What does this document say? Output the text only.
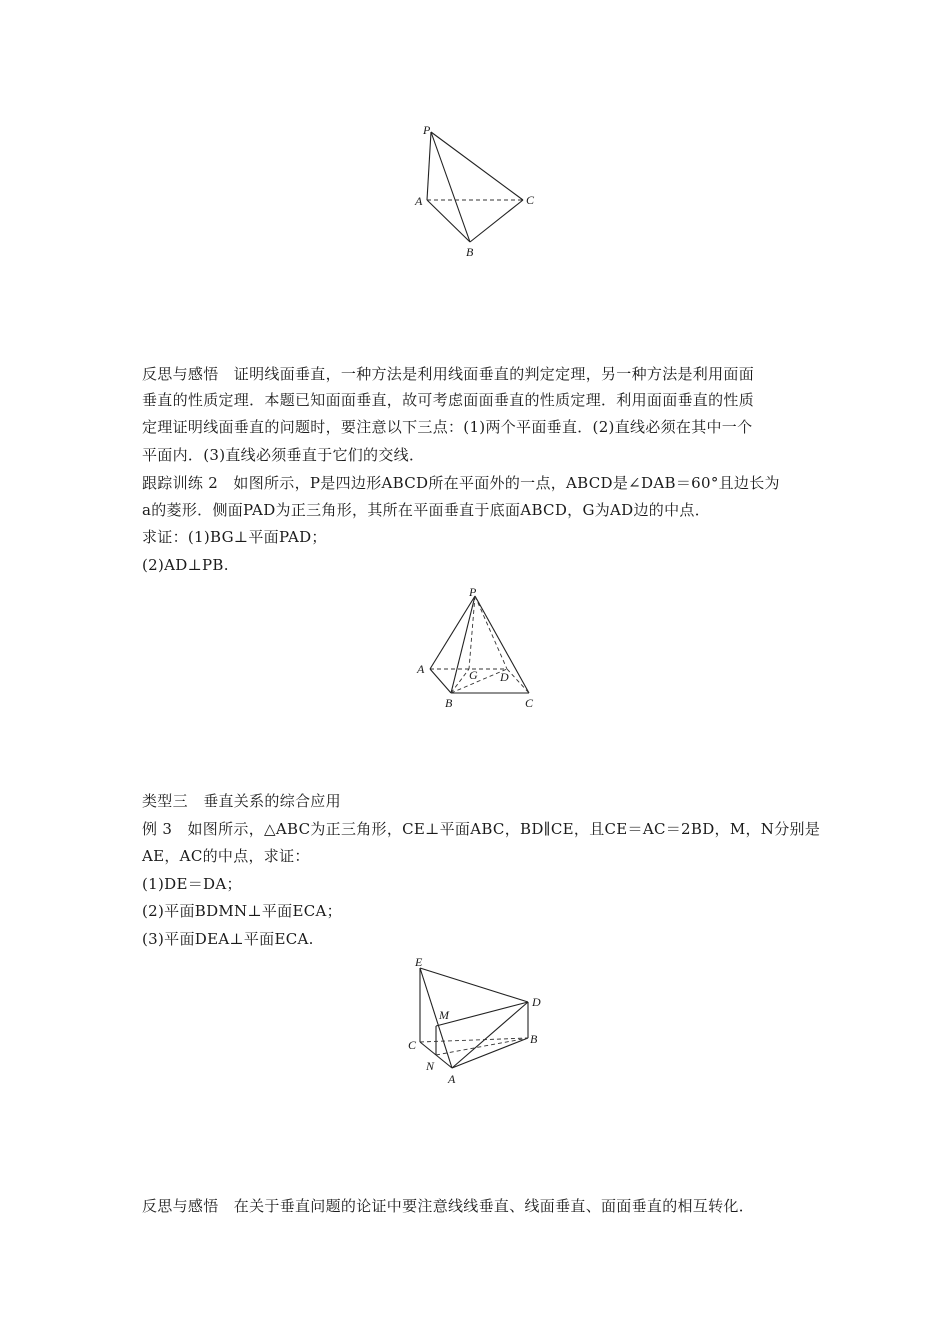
P
A
B
C
反思与感悟　证明线面垂直，一种方法是利用线面垂直的判定定理，另一种方法是利用面面
垂直的性质定理．本题已知面面垂直，故可考虑面面垂直的性质定理．利用面面垂直的性质
定理证明线面垂直的问题时，要注意以下三点：(1)两个平面垂直．(2)直线必须在其中一个
平面内．(3)直线必须垂直于它们的交线．
跟踪训练 2　如图所示，P是四边形ABCD所在平面外的一点，ABCD是∠DAB＝60°且边长为
a的菱形．侧面PAD为正三角形，其所在平面垂直于底面ABCD，G为AD边的中点．
求证：(1)BG⊥平面PAD；
(2)AD⊥PB.
P
A	G D
B	C
类型三　垂直关系的综合应用
例 3　如图所示，△ABC为正三角形，CE⊥平面ABC，BD∥CE，且CE＝AC＝2BD，M，N分别是
AE，AC的中点，求证：
(1)DE＝DA；
(2)平面BDMN⊥平面ECA；
(3)平面DEA⊥平面ECA.
E
D
M
C	B
N
A
反思与感悟　在关于垂直问题的论证中要注意线线垂直、线面垂直、面面垂直的相互转化．
